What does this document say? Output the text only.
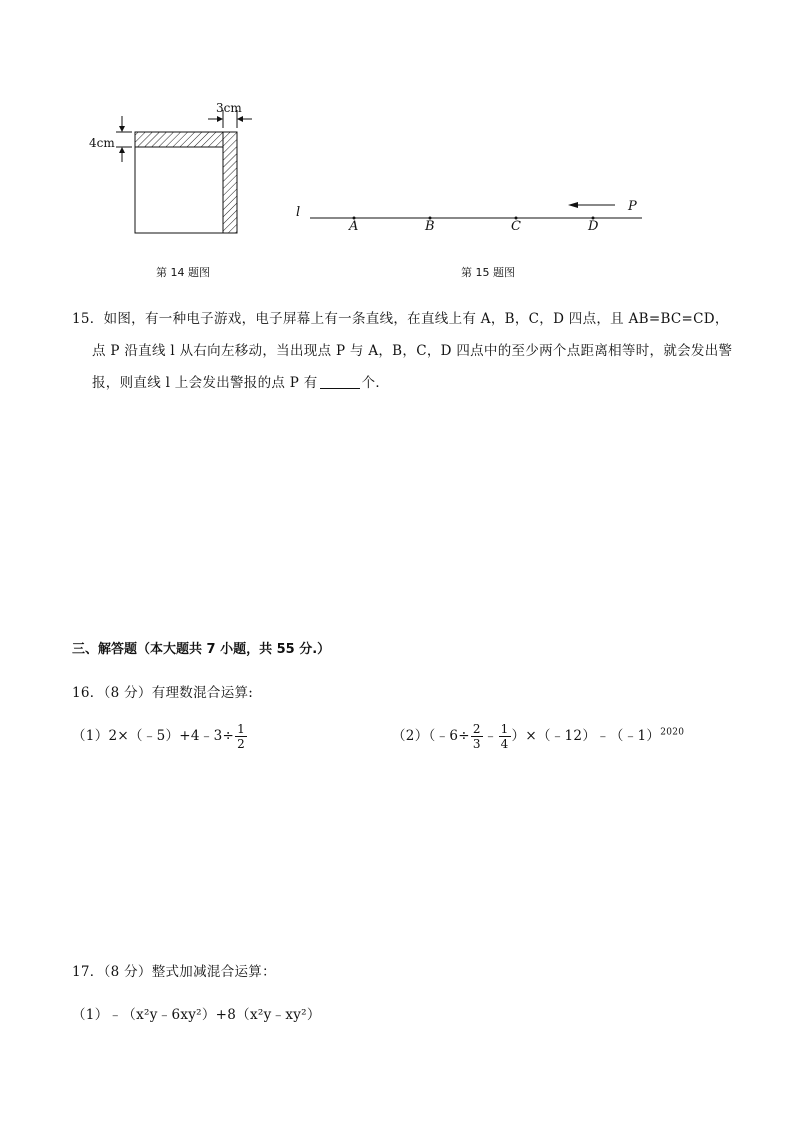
3cm
4cm
第 14 题图
l
A	B	C	D
P
第 15 题图
15．如图，有一种电子游戏，电子屏幕上有一条直线，在直线上有 A，B，C，D 四点，且 AB=BC=CD，
点 P 沿直线 l 从右向左移动，当出现点 P 与 A，B，C，D 四点中的至少两个点距离相等时，就会发出警
报，则直线 l 上会发出警报的点 P 有	个．
三、解答题（本大题共 7 小题，共 55 分.）
16．（8 分）有理数混合运算:
（1）2×（﹣5）+4﹣3÷ $\frac{1}{2}$	（2）（﹣6÷ $\frac{2}{3}$ ﹣ $\frac{1}{4}$ ）×（﹣12）﹣（﹣1）$^{2020}$
17．（8 分）整式加减混合运算：
（1）﹣（x²y﹣6xy²）+8（x²y﹣xy²）
